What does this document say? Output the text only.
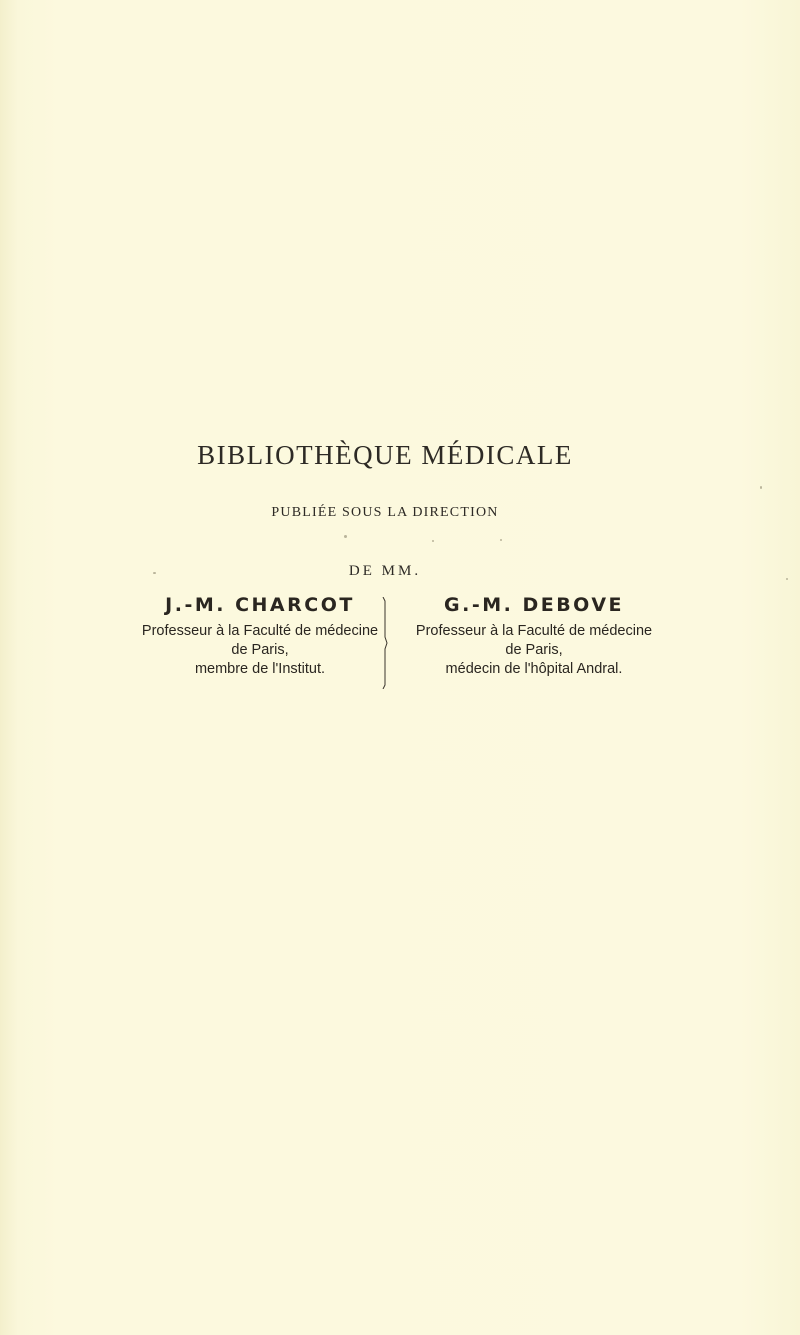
BIBLIOTHÈQUE MÉDICALE
PUBLIÉE SOUS LA DIRECTION
DE MM.
J.-M. CHARCOT
Professeur à la Faculté de médecine
de Paris,
membre de l'Institut.
G.-M. DEBOVE
Professeur à la Faculté de médecine
de Paris,
médecin de l'hôpital Andral.
